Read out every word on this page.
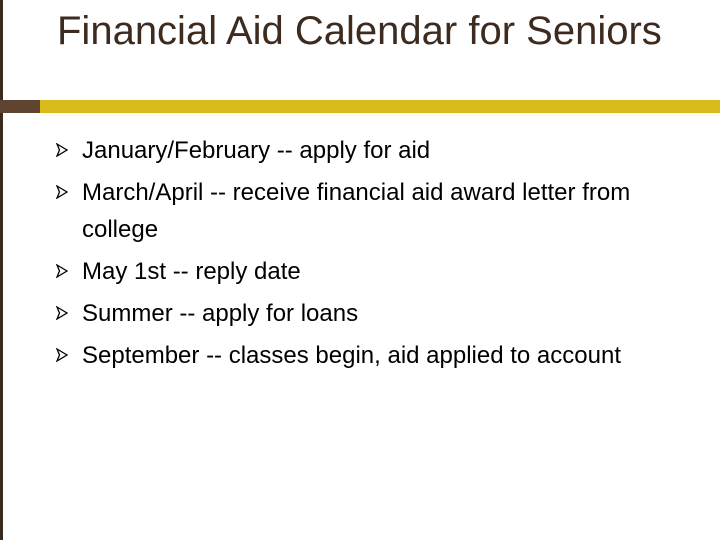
Financial Aid Calendar for Seniors
January/February -- apply for aid
March/April -- receive financial aid award letter from college
May 1st -- reply date
Summer -- apply for loans
September -- classes begin, aid applied to account
